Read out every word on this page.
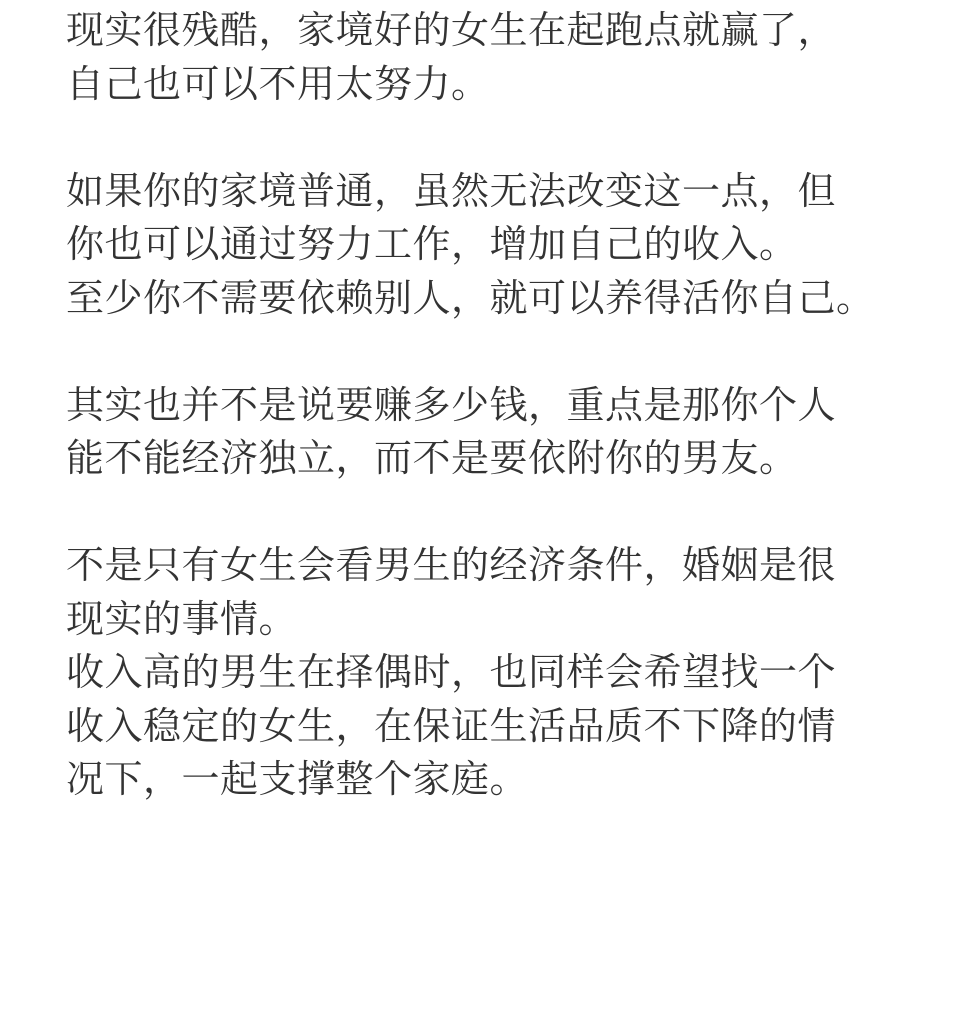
现实很残酷，家境好的女生在起跑点就赢了，
自己也可以不用太努力。
如果你的家境普通，虽然无法改变这一点，但
你也可以通过努力工作，增加自己的收入。
至少你不需要依赖别人，就可以养得活你自己。
其实也并不是说要赚多少钱，重点是那你个人
能不能经济独立，而不是要依附你的男友。
不是只有女生会看男生的经济条件，婚姻是很
现实的事情。
收入高的男生在择偶时，也同样会希望找一个
收入稳定的女生，在保证生活品质不下降的情
况下，一起支撑整个家庭。
